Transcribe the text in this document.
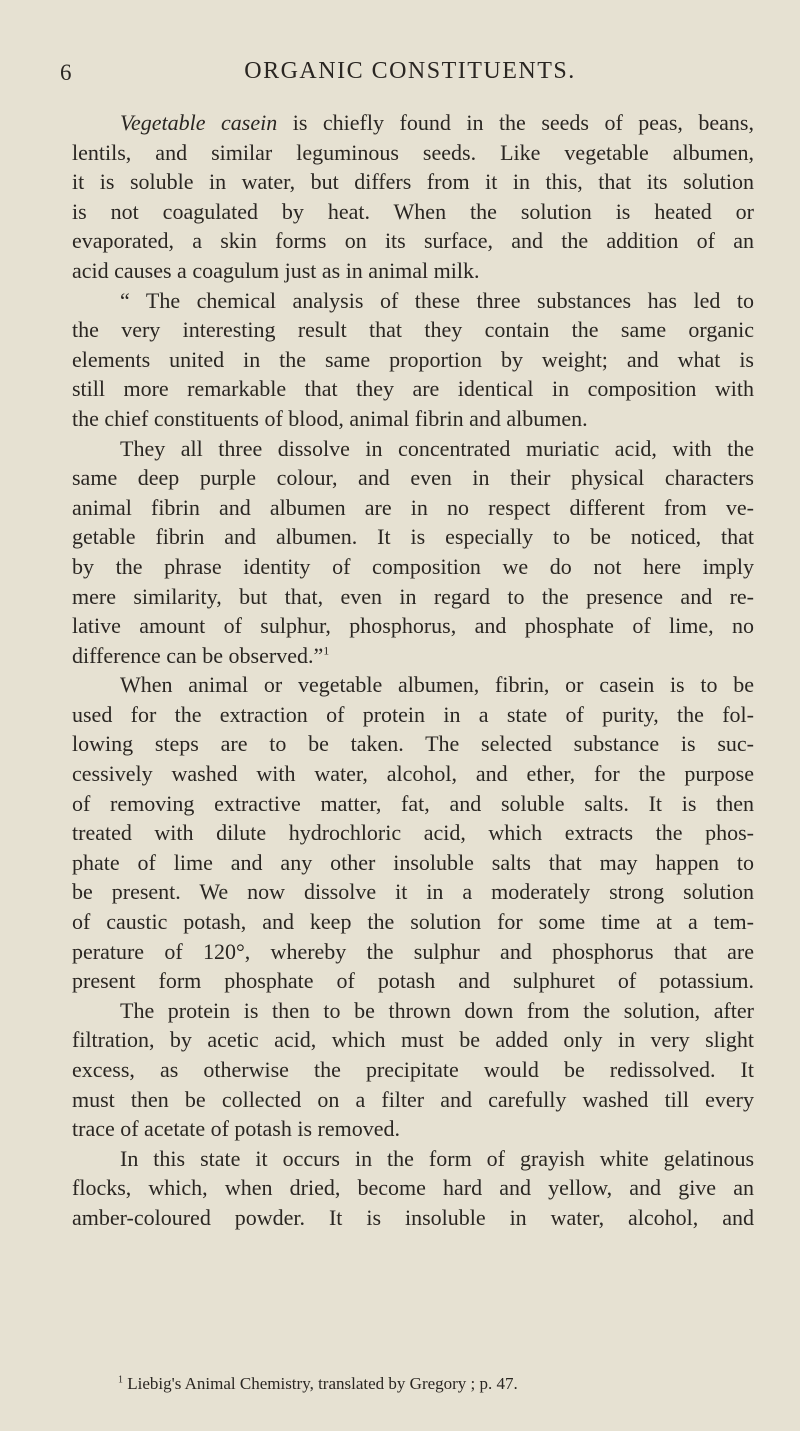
6	ORGANIC CONSTITUENTS.
Vegetable casein is chiefly found in the seeds of peas, beans,
lentils, and similar leguminous seeds. Like vegetable albumen,
it is soluble in water, but differs from it in this, that its solution
is not coagulated by heat. When the solution is heated or
evaporated, a skin forms on its surface, and the addition of an
acid causes a coagulum just as in animal milk.
“ The chemical analysis of these three substances has led to
the very interesting result that they contain the same organic
elements united in the same proportion by weight; and what is
still more remarkable that they are identical in composition with
the chief constituents of blood, animal fibrin and albumen.
They all three dissolve in concentrated muriatic acid, with the
same deep purple colour, and even in their physical characters
animal fibrin and albumen are in no respect different from ve-
getable fibrin and albumen. It is especially to be noticed, that
by the phrase identity of composition we do not here imply
mere similarity, but that, even in regard to the presence and re-
lative amount of sulphur, phosphorus, and phosphate of lime, no
difference can be observed.”$^1$
When animal or vegetable albumen, fibrin, or casein is to be
used for the extraction of protein in a state of purity, the fol-
lowing steps are to be taken. The selected substance is suc-
cessively washed with water, alcohol, and ether, for the purpose
of removing extractive matter, fat, and soluble salts. It is then
treated with dilute hydrochloric acid, which extracts the phos-
phate of lime and any other insoluble salts that may happen to
be present. We now dissolve it in a moderately strong solution
of caustic potash, and keep the solution for some time at a tem-
perature of 120°, whereby the sulphur and phosphorus that are
present form phosphate of potash and sulphuret of potassium.
The protein is then to be thrown down from the solution, after
filtration, by acetic acid, which must be added only in very slight
excess, as otherwise the precipitate would be redissolved. It
must then be collected on a filter and carefully washed till every
trace of acetate of potash is removed.
In this state it occurs in the form of grayish white gelatinous
flocks, which, when dried, become hard and yellow, and give an
amber-coloured powder. It is insoluble in water, alcohol, and
$^1$ Liebig's Animal Chemistry, translated by Gregory ; p. 47.
